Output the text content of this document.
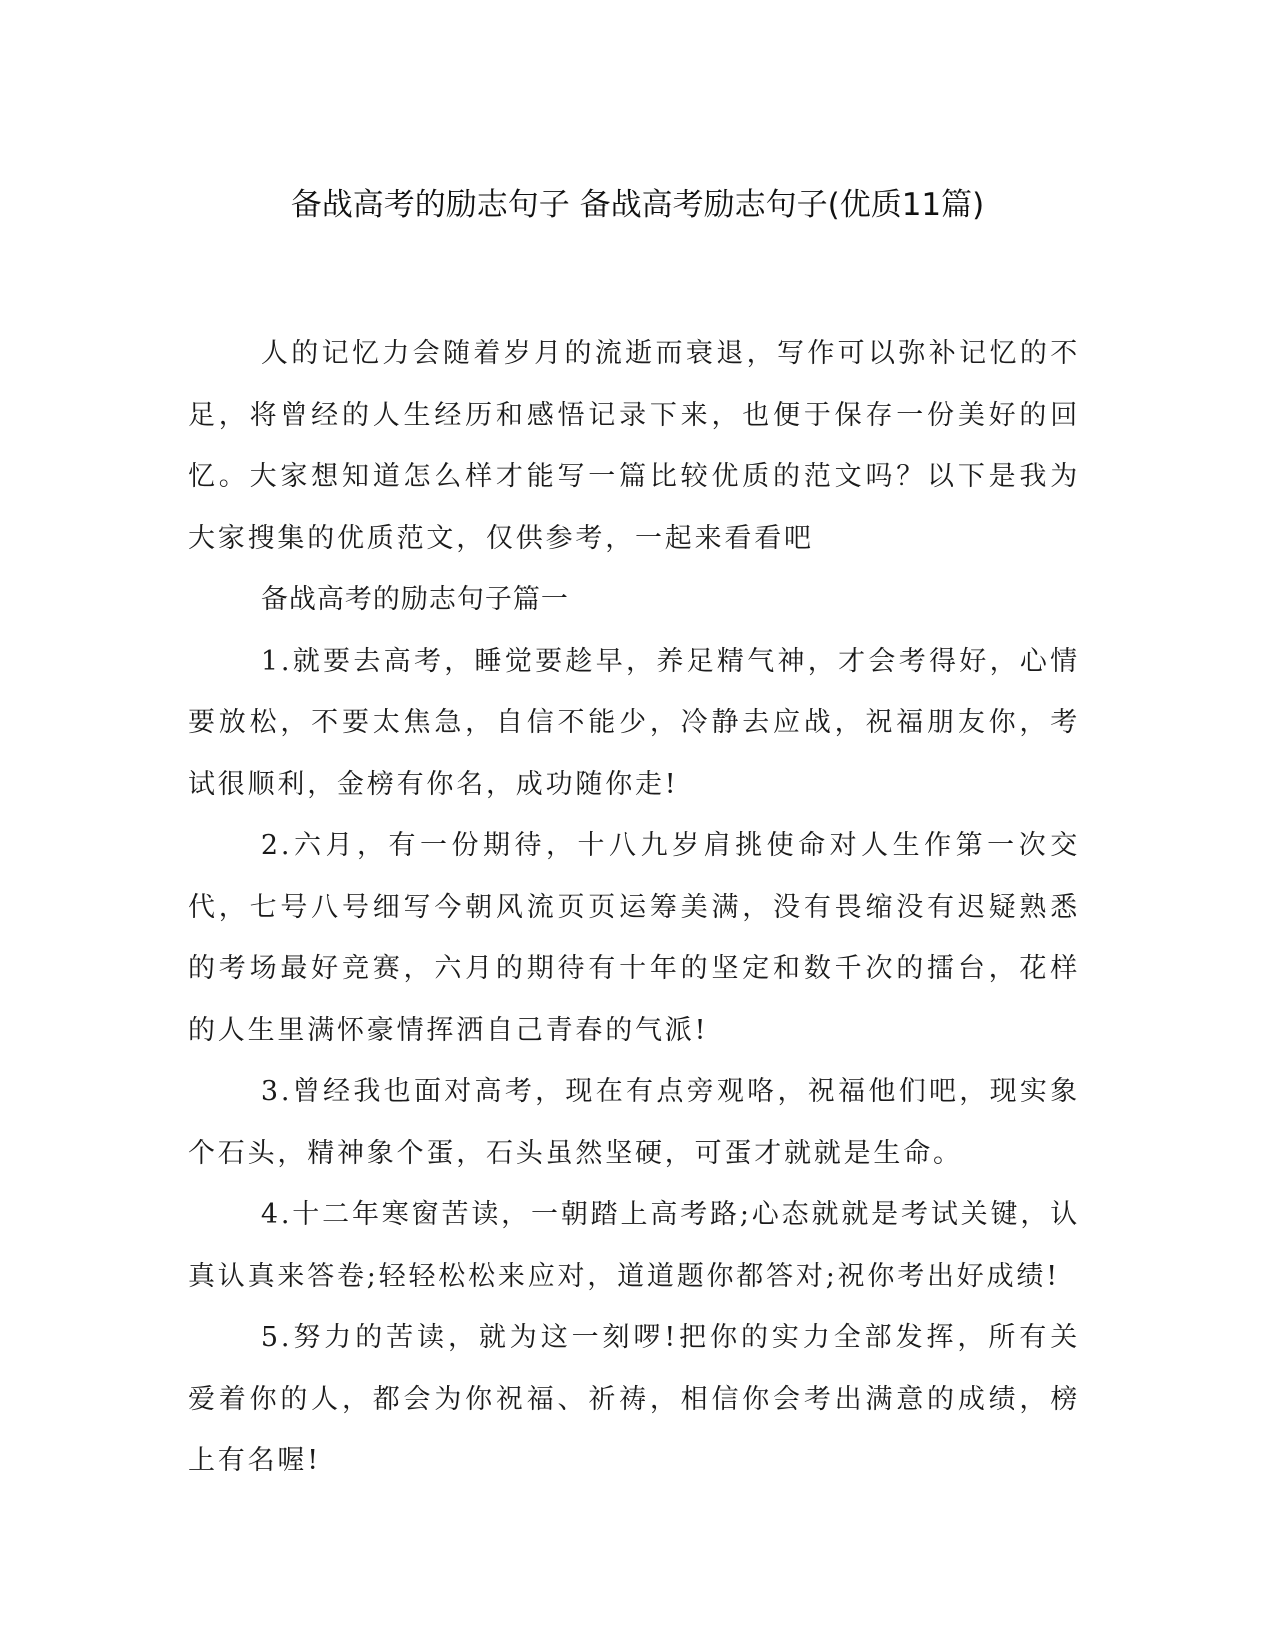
备战高考的励志句子 备战高考励志句子(优质11篇)

人的记忆力会随着岁月的流逝而衰退，写作可以弥补记忆的不足，将曾经的人生经历和感悟记录下来，也便于保存一份美好的回忆。大家想知道怎么样才能写一篇比较优质的范文吗？以下是我为大家搜集的优质范文，仅供参考，一起来看看吧

备战高考的励志句子篇一

1.就要去高考，睡觉要趁早，养足精气神，才会考得好，心情要放松，不要太焦急，自信不能少，冷静去应战，祝福朋友你，考试很顺利，金榜有你名，成功随你走!

2.六月，有一份期待，十八九岁肩挑使命对人生作第一次交代，七号八号细写今朝风流页页运筹美满，没有畏缩没有迟疑熟悉的考场最好竞赛，六月的期待有十年的坚定和数千次的擂台，花样的人生里满怀豪情挥洒自己青春的气派!

3.曾经我也面对高考，现在有点旁观咯，祝福他们吧，现实象个石头，精神象个蛋，石头虽然坚硬，可蛋才就就是生命。

4.十二年寒窗苦读，一朝踏上高考路;心态就就是考试关键，认真认真来答卷;轻轻松松来应对，道道题你都答对;祝你考出好成绩!

5.努力的苦读，就为这一刻啰!把你的实力全部发挥，所有关爱着你的人，都会为你祝福、祈祷，相信你会考出满意的成绩，榜上有名喔!
